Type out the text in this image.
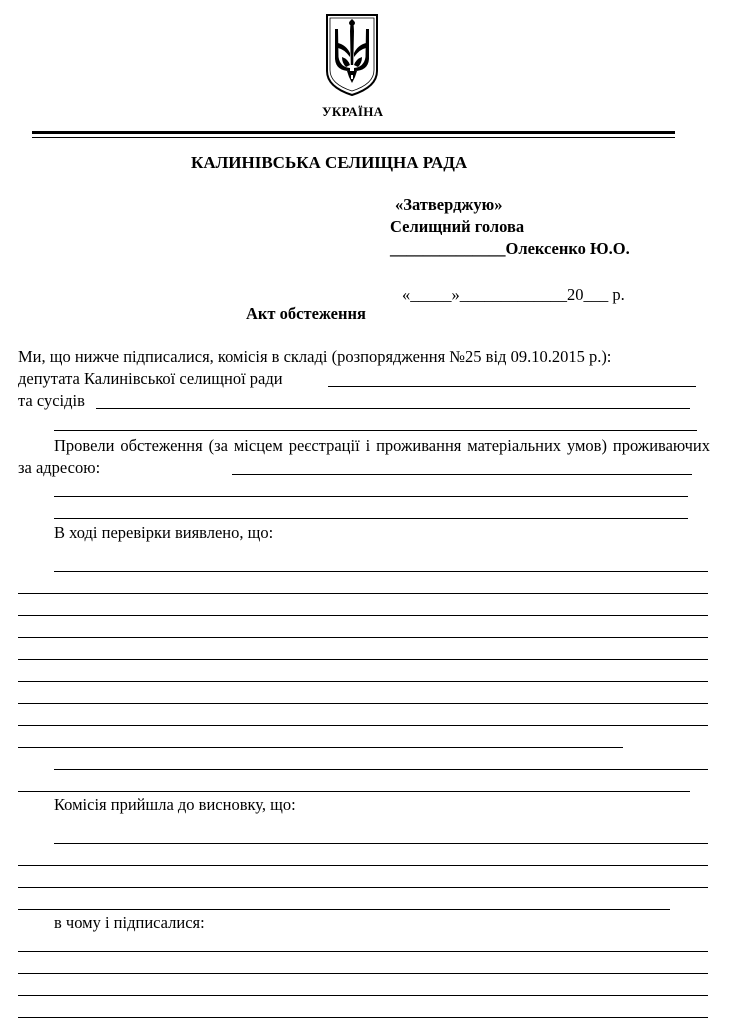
УКРАЇНА
КАЛИНІВСЬКА СЕЛИЩНА РАДА
«Затверджую»
Селищний голова
______________Олексенко Ю.О.
«_____»_____________20___ р.
Акт обстеження
Ми, що нижче підписалися, комісія в складі (розпорядження №25 від 09.10.2015 р.):
депутата Калинівської селищної ради
та сусідів
Провели обстеження (за місцем реєстрації і проживання матеріальних умов) проживаючих за адресою:
В ході перевірки виявлено, що:
Комісія прийшла до висновку, що:
в чому і підписалися:
